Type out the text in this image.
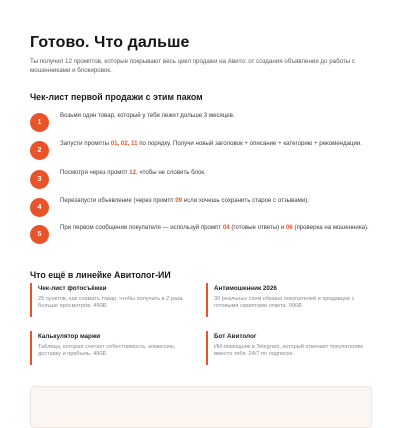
Готово. Что дальше
Ты получил 12 промптов, которые покрывают весь цикл продажи на Авито: от создания объявления до работы с мошенниками и блокировок.
Чек-лист первой продажи с этим паком
1
Возьми один товар, который у тебя лежит дольше 3 месяцев.
2
Запусти промпты 01, 02, 11 по порядку. Получи новый заголовок + описание + категорию + рекомендации.
3
Посмотри через промпт 12, чтобы не словить блок.
4
Перезапусти объявление (через промпт 09 если хочешь сохранить старое с отзывами).
5
При первом сообщении покупателя — используй промпт 04 (готовые ответы) и 06 (проверка на мошенника).
Что ещё в линейке Авитолог-ИИ
Чек-лист фотосъёмки
25 пунктов, как снимать товар, чтобы получать в 2 раза больше просмотров. 490₽.
Антимошенник 2026
30 реальных схем обмана покупателей и продавцов с готовыми скриптами ответа. 990₽.
Калькулятор маржи
Таблица, которая считает себестоимость, комиссию, доставку и прибыль. 490₽.
Бот Авитолог
ИИ-помощник в Telegram, который отвечает покупателям вместо тебя. 24/7 по подписке.
